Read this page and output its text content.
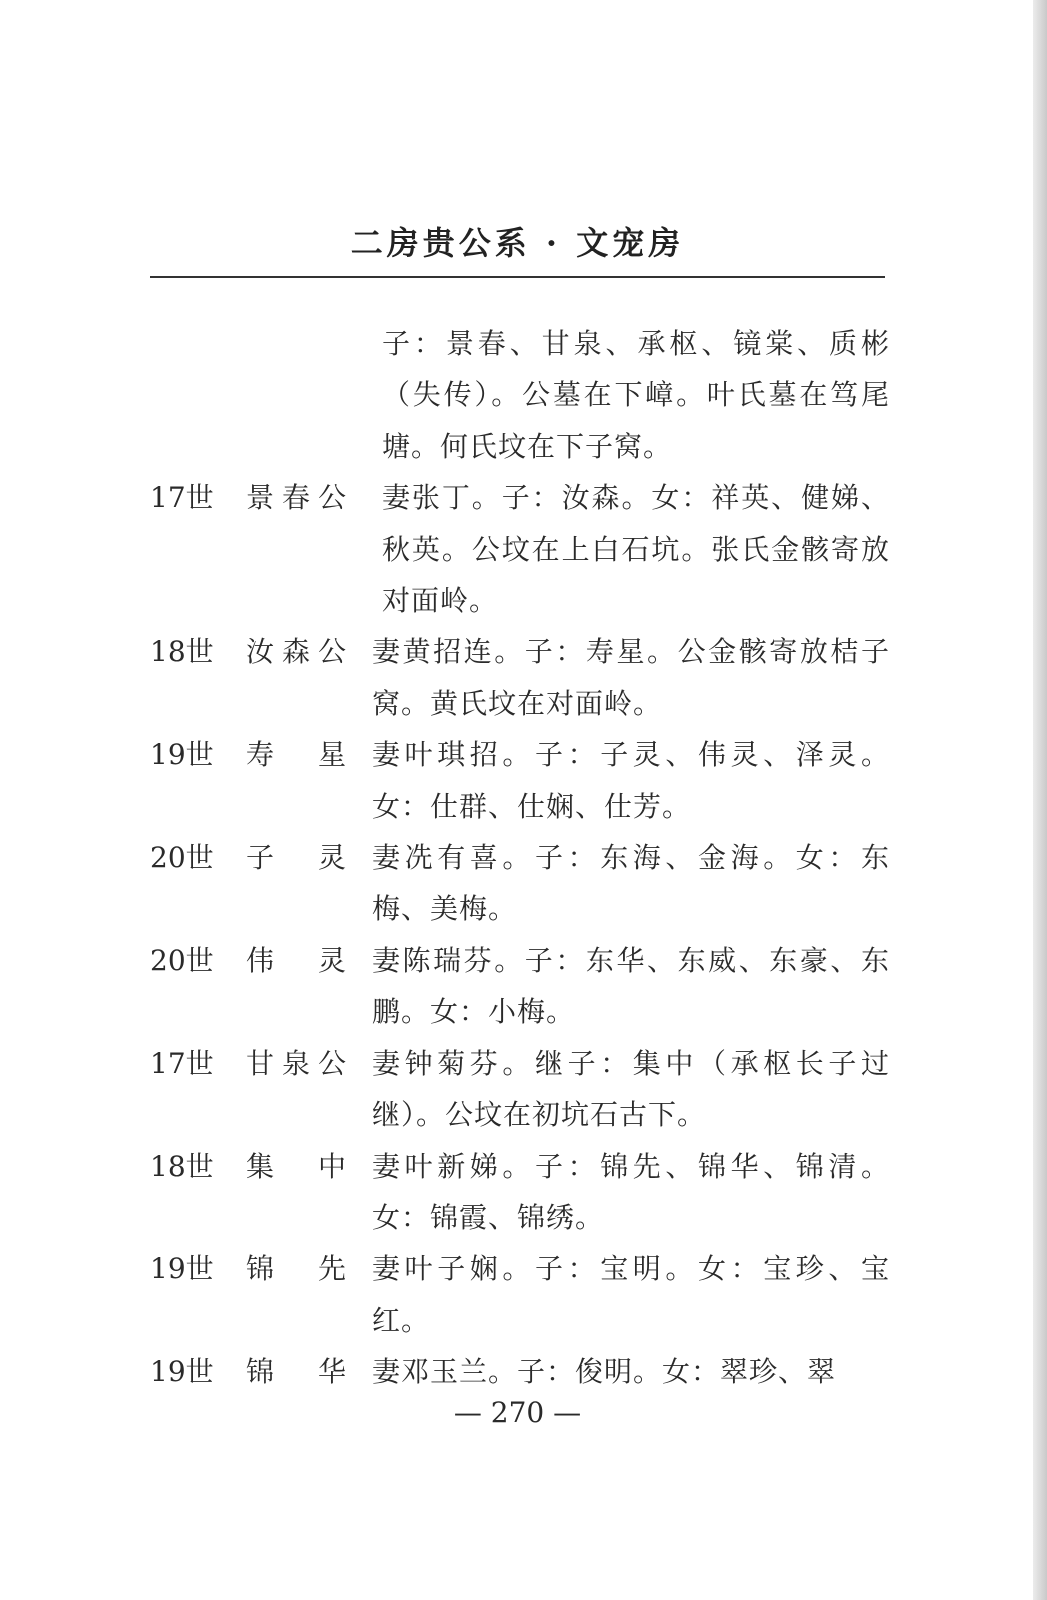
二房贵公系 · 文宠房
子：景春、甘泉、承枢、镜棠、质彬（失传）。公墓在下嶂。叶氏墓在笃尾塘。何氏坟在下子窝。
17世	景春公	妻张丁。子：汝森。女：祥英、健娣、秋英。公坟在上白石坑。张氏金骸寄放对面岭。
18世	汝森公 妻黄招连。子：寿星。公金骸寄放桔子窝。黄氏坟在对面岭。
19世	寿星 妻叶琪招。子：子灵、伟灵、泽灵。女：仕群、仕娴、仕芳。
20世	子灵 妻冼有喜。子：东海、金海。女：东梅、美梅。
20世	伟灵 妻陈瑞芬。子：东华、东威、东豪、东鹏。女：小梅。
17世	甘泉公 妻钟菊芬。继子：集中（承枢长子过继）。公坟在初坑石古下。
18世	集中 妻叶新娣。子：锦先、锦华、锦清。女：锦霞、锦绣。
19世	锦先 妻叶子娴。子：宝明。女：宝珍、宝红。
19世	锦华 妻邓玉兰。子：俊明。女：翠珍、翠
— 270 —
